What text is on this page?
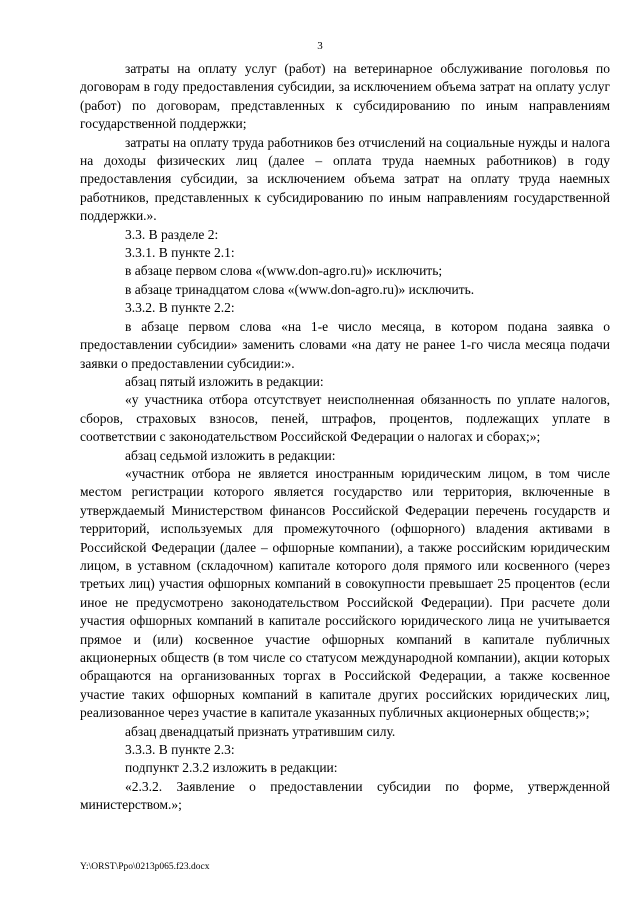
3

затраты на оплату услуг (работ) на ветеринарное обслуживание поголовья по договорам в году предоставления субсидии, за исключением объема затрат на оплату услуг (работ) по договорам, представленных к субсидированию по иным направлениям государственной поддержки;

затраты на оплату труда работников без отчислений на социальные нужды и налога на доходы физических лиц (далее – оплата труда наемных работников) в году предоставления субсидии, за исключением объема затрат на оплату труда наемных работников, представленных к субсидированию по иным направлениям государственной поддержки.».

3.3. В разделе 2:

3.3.1. В пункте 2.1:

в абзаце первом слова «(www.don-agro.ru)» исключить;

в абзаце тринадцатом слова «(www.don-agro.ru)» исключить.

3.3.2. В пункте 2.2:

в абзаце первом слова «на 1-е число месяца, в котором подана заявка о предоставлении субсидии» заменить словами «на дату не ранее 1-го числа месяца подачи заявки о предоставлении субсидии:».

абзац пятый изложить в редакции:

«у участника отбора отсутствует неисполненная обязанность по уплате налогов, сборов, страховых взносов, пеней, штрафов, процентов, подлежащих уплате в соответствии с законодательством Российской Федерации о налогах и сборах;»;

абзац седьмой изложить в редакции:

«участник отбора не является иностранным юридическим лицом, в том числе местом регистрации которого является государство или территория, включенные в утверждаемый Министерством финансов Российской Федерации перечень государств и территорий, используемых для промежуточного (офшорного) владения активами в Российской Федерации (далее – офшорные компании), а также российским юридическим лицом, в уставном (складочном) капитале которого доля прямого или косвенного (через третьих лиц) участия офшорных компаний в совокупности превышает 25 процентов (если иное не предусмотрено законодательством Российской Федерации). При расчете доли участия офшорных компаний в капитале российского юридического лица не учитывается прямое и (или) косвенное участие офшорных компаний в капитале публичных акционерных обществ (в том числе со статусом международной компании), акции которых обращаются на организованных торгах в Российской Федерации, а также косвенное участие таких офшорных компаний в капитале других российских юридических лиц, реализованное через участие в капитале указанных публичных акционерных обществ;»;

абзац двенадцатый признать утратившим силу.

3.3.3. В пункте 2.3:

подпункт 2.3.2 изложить в редакции:

«2.3.2. Заявление о предоставлении субсидии по форме, утвержденной министерством.»;

Y:\ORST\Ppo\0213p065.f23.docx
